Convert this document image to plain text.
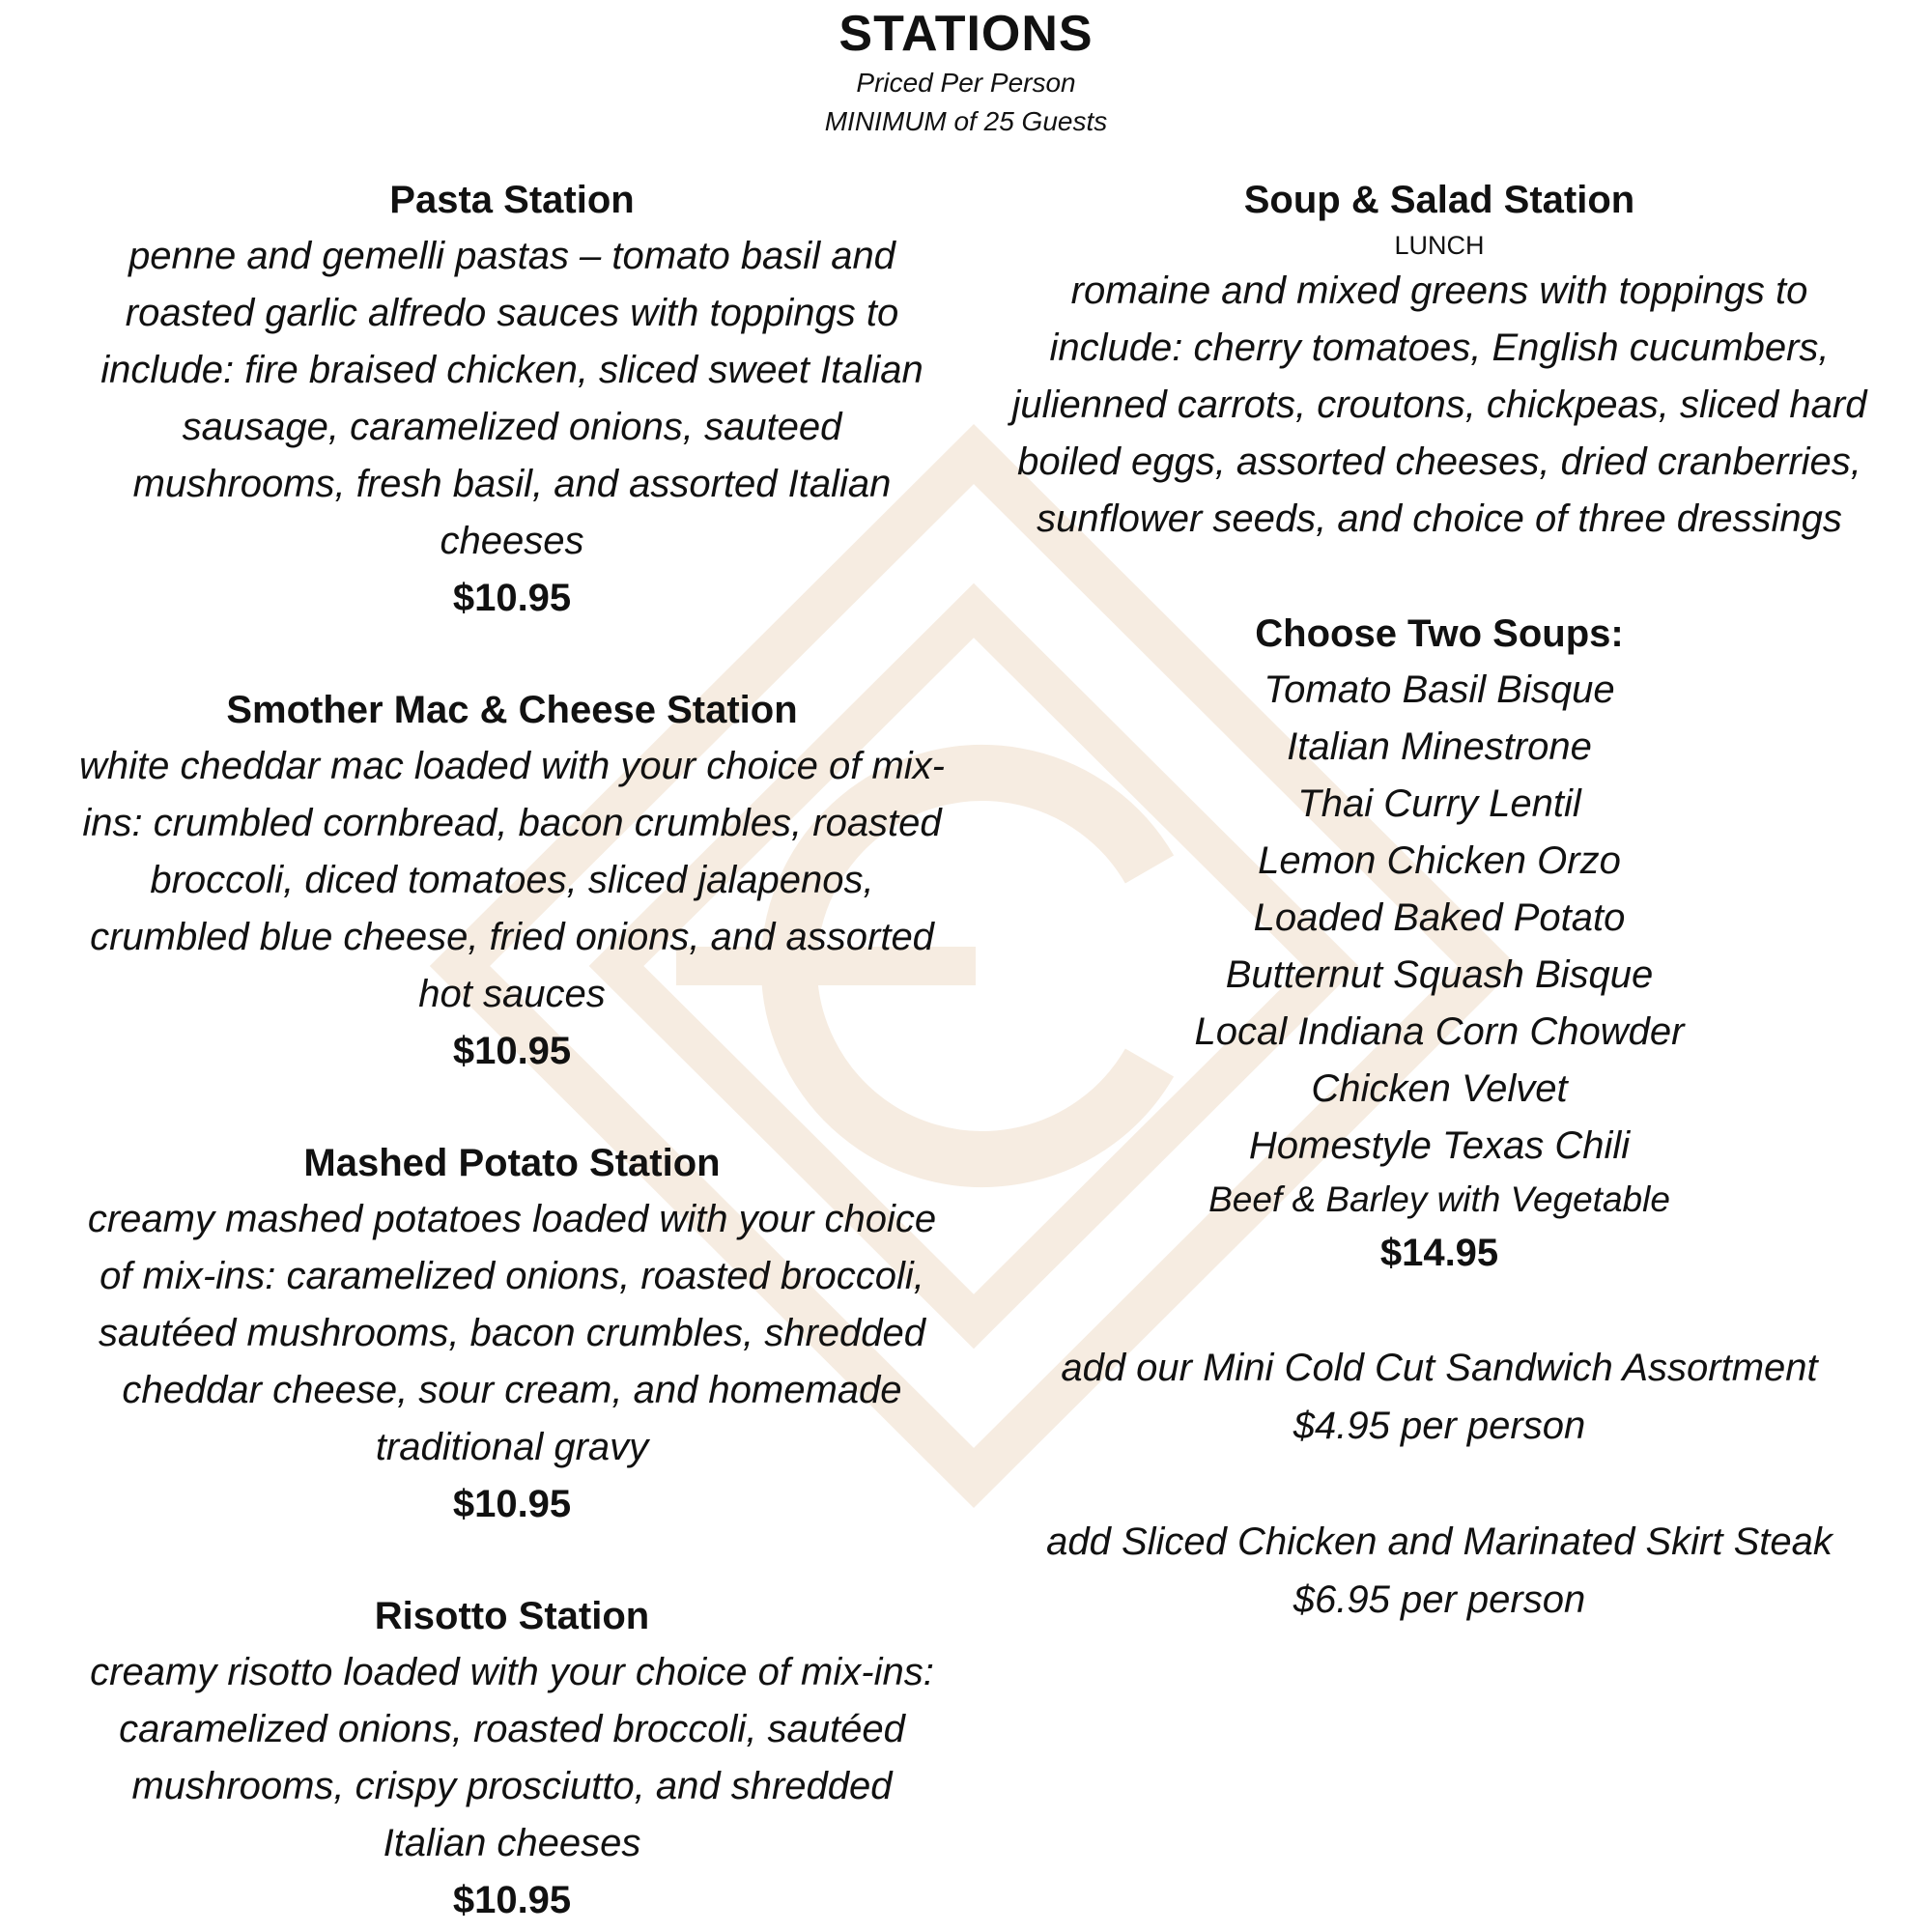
STATIONS
Priced Per Person
MINIMUM of 25 Guests
Pasta Station
penne and gemelli pastas – tomato basil and roasted garlic alfredo sauces with toppings to include: fire braised chicken, sliced sweet Italian sausage, caramelized onions, sauteed mushrooms, fresh basil, and assorted Italian cheeses
$10.95
Smother Mac & Cheese Station
white cheddar mac loaded with your choice of mix-ins: crumbled cornbread, bacon crumbles, roasted broccoli, diced tomatoes, sliced jalapenos, crumbled blue cheese, fried onions, and assorted hot sauces
$10.95
Mashed Potato Station
creamy mashed potatoes loaded with your choice of mix-ins: caramelized onions, roasted broccoli, sautéed mushrooms, bacon crumbles, shredded cheddar cheese, sour cream, and homemade traditional gravy
$10.95
Risotto Station
creamy risotto loaded with your choice of mix-ins: caramelized onions, roasted broccoli, sautéed mushrooms, crispy prosciutto, and shredded Italian cheeses
$10.95
Soup & Salad Station
LUNCH
romaine and mixed greens with toppings to include: cherry tomatoes, English cucumbers, julienned carrots, croutons, chickpeas, sliced hard boiled eggs, assorted cheeses, dried cranberries, sunflower seeds, and choice of three dressings
Choose Two Soups:
Tomato Basil Bisque
Italian Minestrone
Thai Curry Lentil
Lemon Chicken Orzo
Loaded Baked Potato
Butternut Squash Bisque
Local Indiana Corn Chowder
Chicken Velvet
Homestyle Texas Chili
Beef & Barley with Vegetable
$14.95
add our Mini Cold Cut Sandwich Assortment
$4.95 per person
add Sliced Chicken and Marinated Skirt Steak
$6.95 per person
